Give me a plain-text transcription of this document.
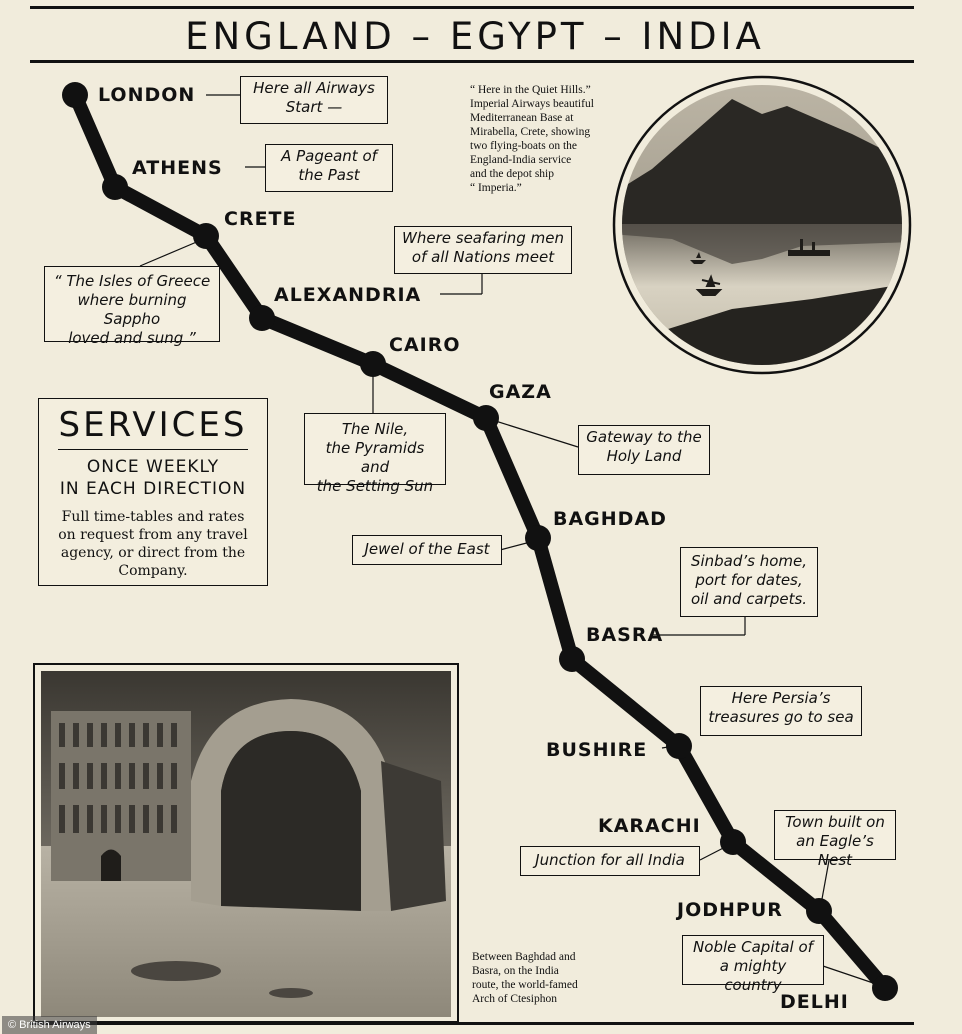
ENGLAND – EGYPT – INDIA
LONDON
ATHENS
CRETE
ALEXANDRIA
CAIRO
GAZA
BAGHDAD
BASRA
BUSHIRE
KARACHI
JODHPUR
DELHI
Here all Airways
Start —
A Pageant of
the Past
“ The Isles of Greece
where burning Sappho
loved and sung ”
Where seafaring men
of all Nations meet
The Nile,
the Pyramids and
the Setting Sun
Gateway to the
Holy Land
Jewel of the East
Sinbad’s home,
port for dates,
oil and carpets.
Here Persia’s
treasures go to sea
Junction for all India
Town built on
an Eagle’s Nest
Noble Capital of
a mighty country
SERVICES
ONCE WEEKLY
IN EACH DIRECTION
Full time-tables and rates
on request from any travel
agency, or direct from the
Company.
“ Here in the Quiet Hills.”
Imperial Airways beautiful
Mediterranean Base at
Mirabella, Crete, showing
two flying-boats on the
England-India service
and the depot ship
“ Imperia.”
Between Baghdad and
Basra, on the India
route, the world-famed
Arch of Ctesiphon
© British Airways
